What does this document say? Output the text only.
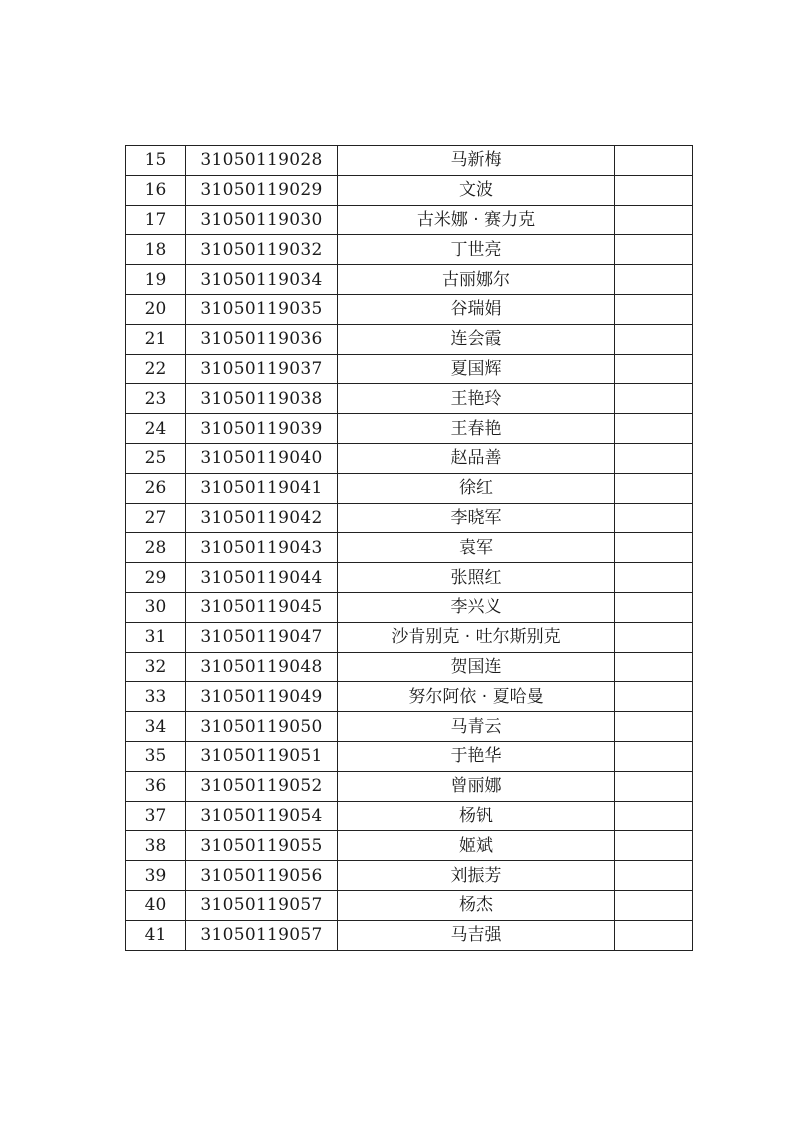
15	31050119028	马新梅	
16	31050119029	文波	
17	31050119030	古米娜 · 赛力克	
18	31050119032	丁世亮	
19	31050119034	古丽娜尔	
20	31050119035	谷瑞娟	
21	31050119036	连会霞	
22	31050119037	夏国辉	
23	31050119038	王艳玲	
24	31050119039	王春艳	
25	31050119040	赵品善	
26	31050119041	徐红	
27	31050119042	李晓军	
28	31050119043	袁军	
29	31050119044	张照红	
30	31050119045	李兴义	
31	31050119047	沙肯别克 · 吐尔斯别克	
32	31050119048	贺国连	
33	31050119049	努尔阿依 · 夏哈曼	
34	31050119050	马青云	
35	31050119051	于艳华	
36	31050119052	曾丽娜	
37	31050119054	杨钒	
38	31050119055	姬斌	
39	31050119056	刘振芳	
40	31050119057	杨杰	
41	31050119057	马吉强	
